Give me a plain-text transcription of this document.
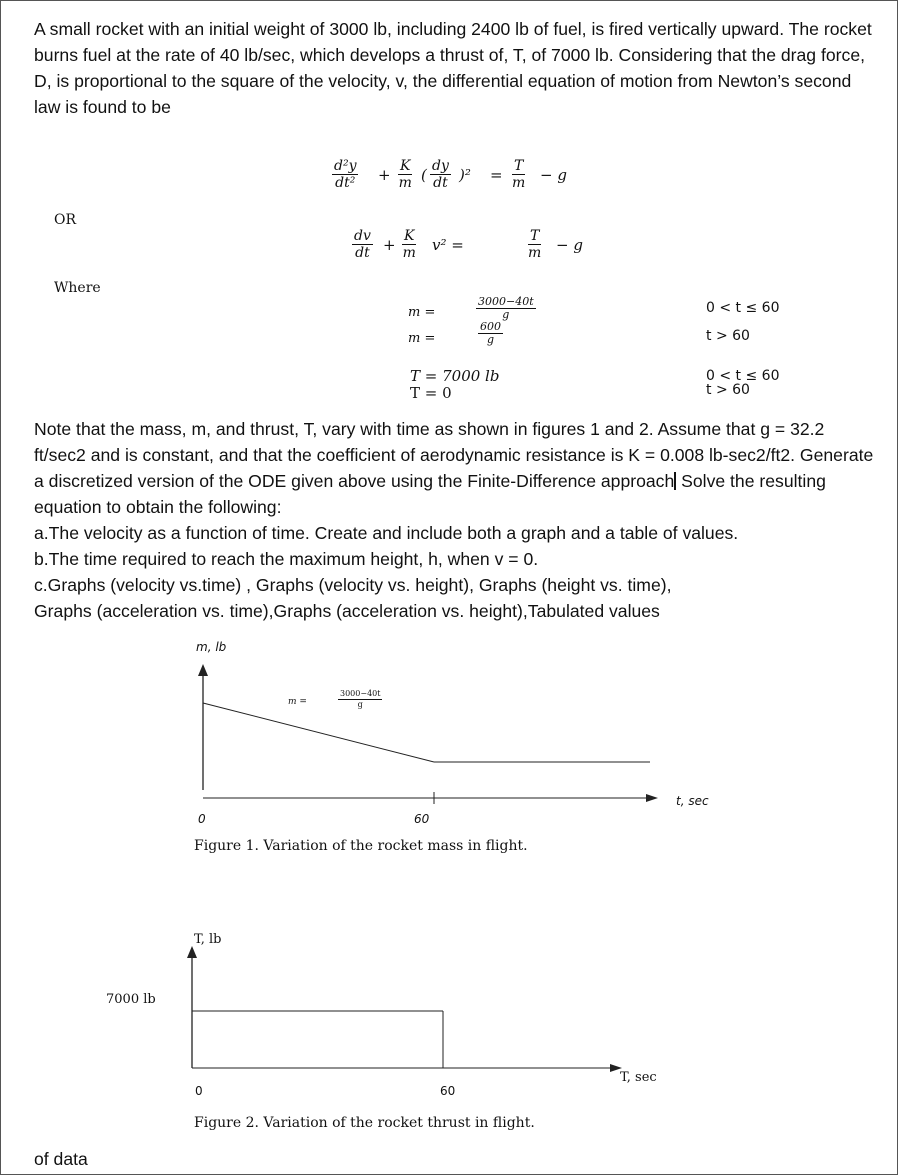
A small rocket with an initial weight of 3000 lb, including 2400 lb of fuel, is fired vertically upward. The rocket burns fuel at the rate of 40 lb/sec, which develops a thrust of, T, of 7000 lb. Considering that the drag force, D, is proportional to the square of the velocity, v, the differential equation of motion from Newton’s second law is found to be
$\frac{\text{d²y}}{\text{dt²}} + \frac{K}{m}$ ( $\frac{dy}{dt} )^2 = \frac{T}{m} - g$
OR
$\frac{dv}{dt} + \frac{K}{m} v^2$ =	$\frac{T}{m} - g$
Where
m =	$\frac{3000-40t}{g}$	0 < t ≤ 60
m =	$\frac{600}{g}$	t > 60
T = 7000 lb	0 < t ≤ 60
T = 0	t > 60
Note that the mass, m, and thrust, T, vary with time as shown in figures 1 and 2. Assume that g = 32.2 ft/sec2 and is constant, and that the coefficient of aerodynamic resistance is K = 0.008 lb-sec2/ft2. Generate a discretized version of the ODE given above using the Finite-Difference approach Solve the resulting equation to obtain the following:
a.The velocity as a function of time. Create and include both a graph and a table of values.
b.The time required to reach the maximum height, h, when v = 0.
c.Graphs (velocity vs.time) , Graphs (velocity vs. height), Graphs (height vs. time),
Graphs (acceleration vs. time),Graphs (acceleration vs. height),Tabulated values
m, lb
m =	$\frac{3000-40t}{g}$
t, sec
0	60
Figure 1. Variation of the rocket mass in flight.
T, lb
7000 lb
T, sec
0	60
Figure 2. Variation of the rocket thrust in flight.
of data
